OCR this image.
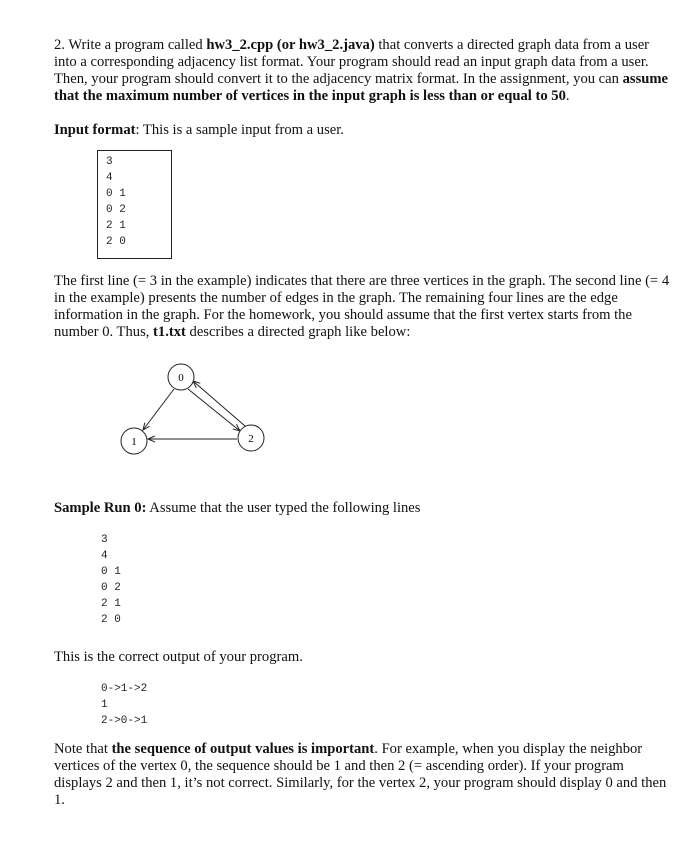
2. Write a program called hw3_2.cpp (or hw3_2.java) that converts a directed graph data from a user
into a corresponding adjacency list format. Your program should read an input graph data from a user.
Then, your program should convert it to the adjacency matrix format. In the assignment, you can assume
that the maximum number of vertices in the input graph is less than or equal to 50.
Input format: This is a sample input from a user.
3
4
0 1
0 2
2 1
2 0
The first line (= 3 in the example) indicates that there are three vertices in the graph. The second line (= 4
in the example) presents the number of edges in the graph. The remaining four lines are the edge
information in the graph. For the homework, you should assume that the first vertex starts from the
number 0. Thus, t1.txt describes a directed graph like below:
0
1	2
Sample Run 0: Assume that the user typed the following lines
3
4
0 1
0 2
2 1
2 0
This is the correct output of your program.
0->1->2
1
2->0->1
Note that the sequence of output values is important. For example, when you display the neighbor
vertices of the vertex 0, the sequence should be 1 and then 2 (= ascending order). If your program
displays 2 and then 1, it’s not correct. Similarly, for the vertex 2, your program should display 0 and then
1.
